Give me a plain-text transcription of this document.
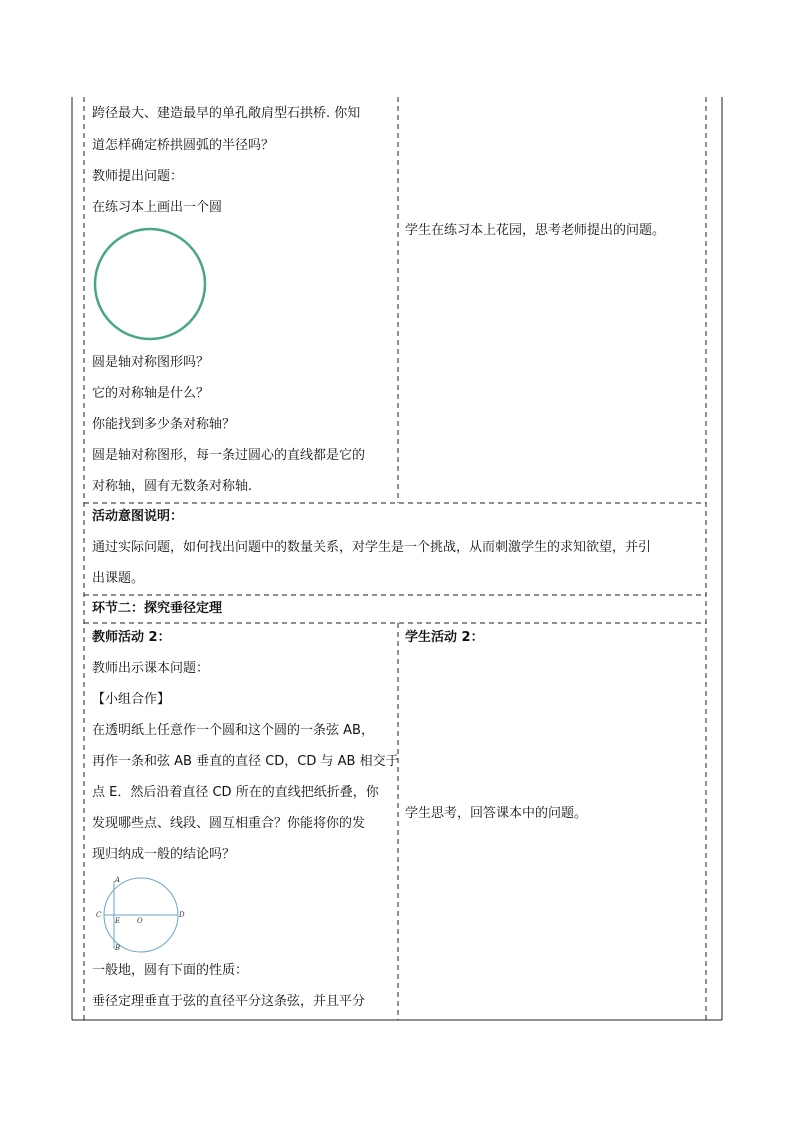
跨径最大、建造最早的单孔敞肩型石拱桥. 你知
道怎样确定桥拱圆弧的半径吗？
教师提出问题：
在练习本上画出一个圆
圆是轴对称图形吗？
它的对称轴是什么？
你能找到多少条对称轴？
圆是轴对称图形，每一条过圆心的直线都是它的
对称轴，圆有无数条对称轴.
学生在练习本上花园，思考老师提出的问题。
活动意图说明：
通过实际问题，如何找出问题中的数量关系，对学生是一个挑战，从而刺激学生的求知欲望，并引
出课题。
环节二：探究垂径定理
教师活动 2：
教师出示课本问题：
【小组合作】
在透明纸上任意作一个圆和这个圆的一条弦 AB，
再作一条和弦 AB 垂直的直径 CD，CD 与 AB 相交于
点 E．然后沿着直径 CD 所在的直线把纸折叠，你
发现哪些点、线段、圆互相重合？你能将你的发
现归纳成一般的结论吗？
A
B
C	D
E O
一般地，圆有下面的性质：
垂径定理垂直于弦的直径平分这条弦，并且平分
学生活动 2：
学生思考，回答课本中的问题。
